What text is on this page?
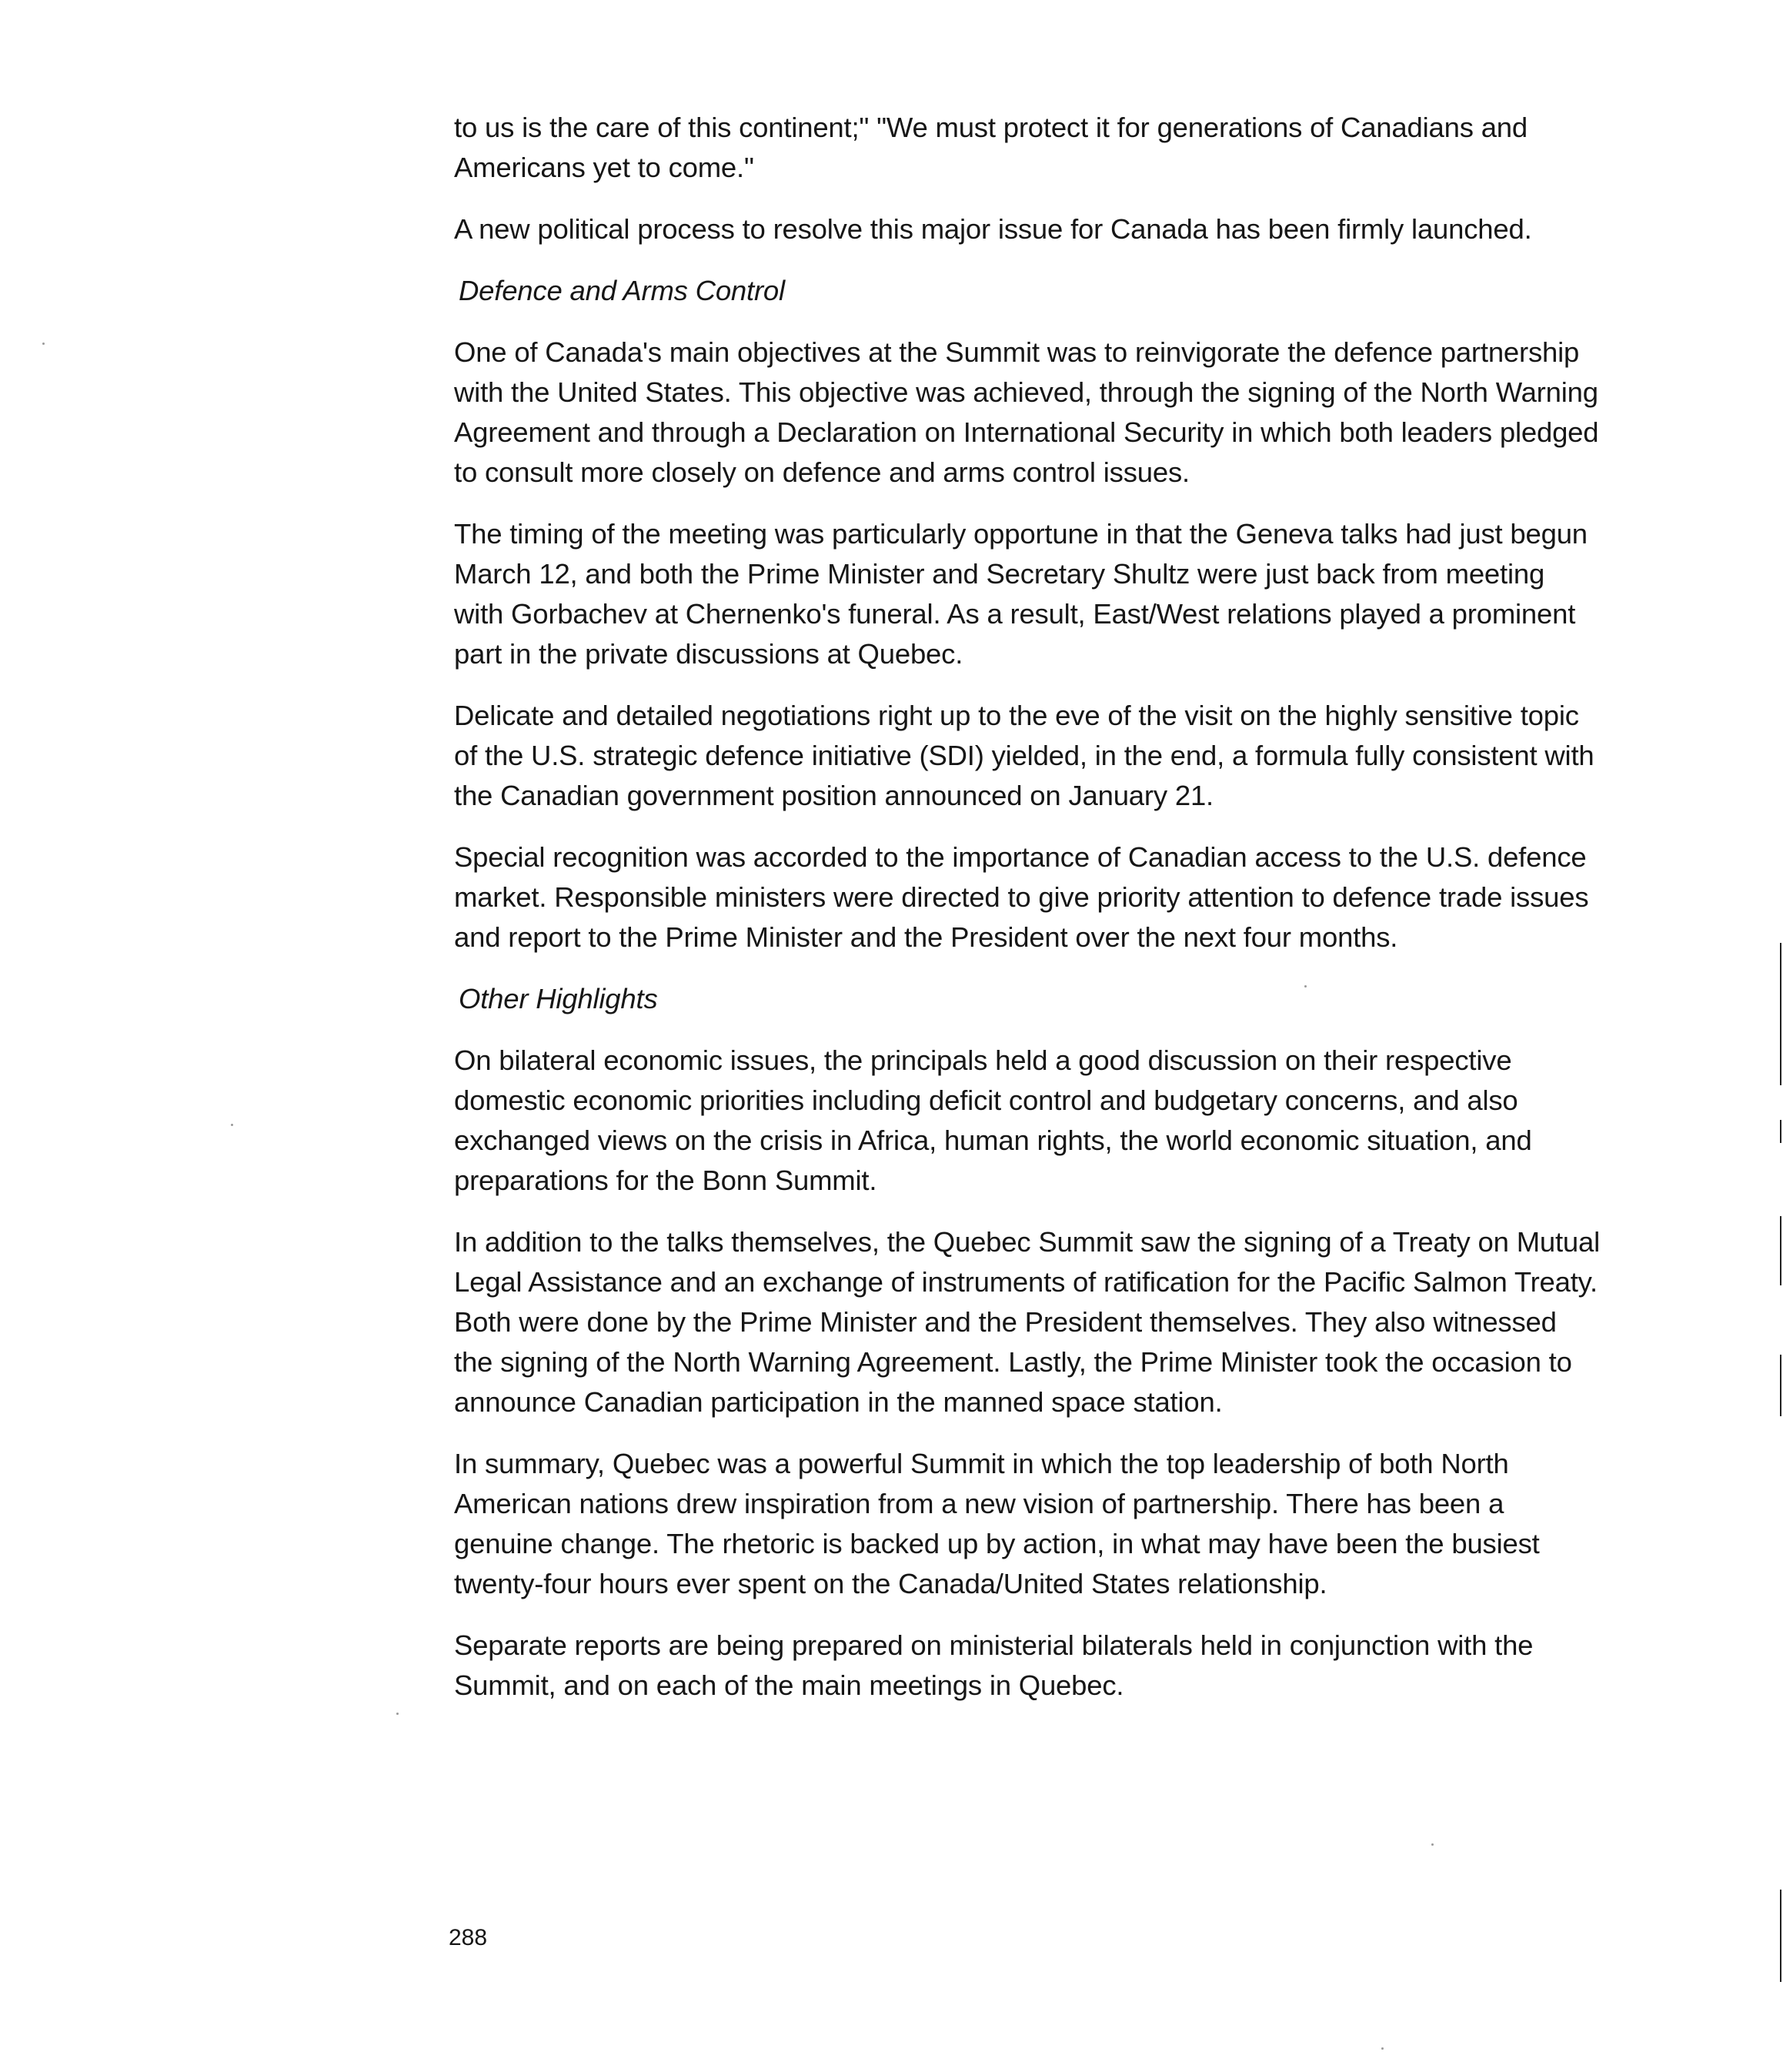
to us is the care of this continent;" "We must protect it for generations of Canadians and Americans yet to come."

A new political process to resolve this major issue for Canada has been firmly launched.

Defence and Arms Control

One of Canada's main objectives at the Summit was to reinvigorate the defence partnership with the United States. This objective was achieved, through the signing of the North Warning Agreement and through a Declaration on International Security in which both leaders pledged to consult more closely on defence and arms control issues.

The timing of the meeting was particularly opportune in that the Geneva talks had just begun March 12, and both the Prime Minister and Secretary Shultz were just back from meeting with Gorbachev at Chernenko's funeral. As a result, East/West relations played a prominent part in the private discussions at Quebec.

Delicate and detailed negotiations right up to the eve of the visit on the highly sensitive topic of the U.S. strategic defence initiative (SDI) yielded, in the end, a formula fully consistent with the Canadian government position announced on January 21.

Special recognition was accorded to the importance of Canadian access to the U.S. defence market. Responsible ministers were directed to give priority attention to defence trade issues and report to the Prime Minister and the President over the next four months.

Other Highlights

On bilateral economic issues, the principals held a good discussion on their respective domestic economic priorities including deficit control and budgetary concerns, and also exchanged views on the crisis in Africa, human rights, the world economic situation, and preparations for the Bonn Summit.

In addition to the talks themselves, the Quebec Summit saw the signing of a Treaty on Mutual Legal Assistance and an exchange of instruments of ratification for the Pacific Salmon Treaty. Both were done by the Prime Minister and the President themselves. They also witnessed the signing of the North Warning Agreement. Lastly, the Prime Minister took the occasion to announce Canadian participation in the manned space station.

In summary, Quebec was a powerful Summit in which the top leadership of both North American nations drew inspiration from a new vision of partnership. There has been a genuine change. The rhetoric is backed up by action, in what may have been the busiest twenty-four hours ever spent on the Canada/United States relationship.

Separate reports are being prepared on ministerial bilaterals held in conjunction with the Summit, and on each of the main meetings in Quebec.

288
